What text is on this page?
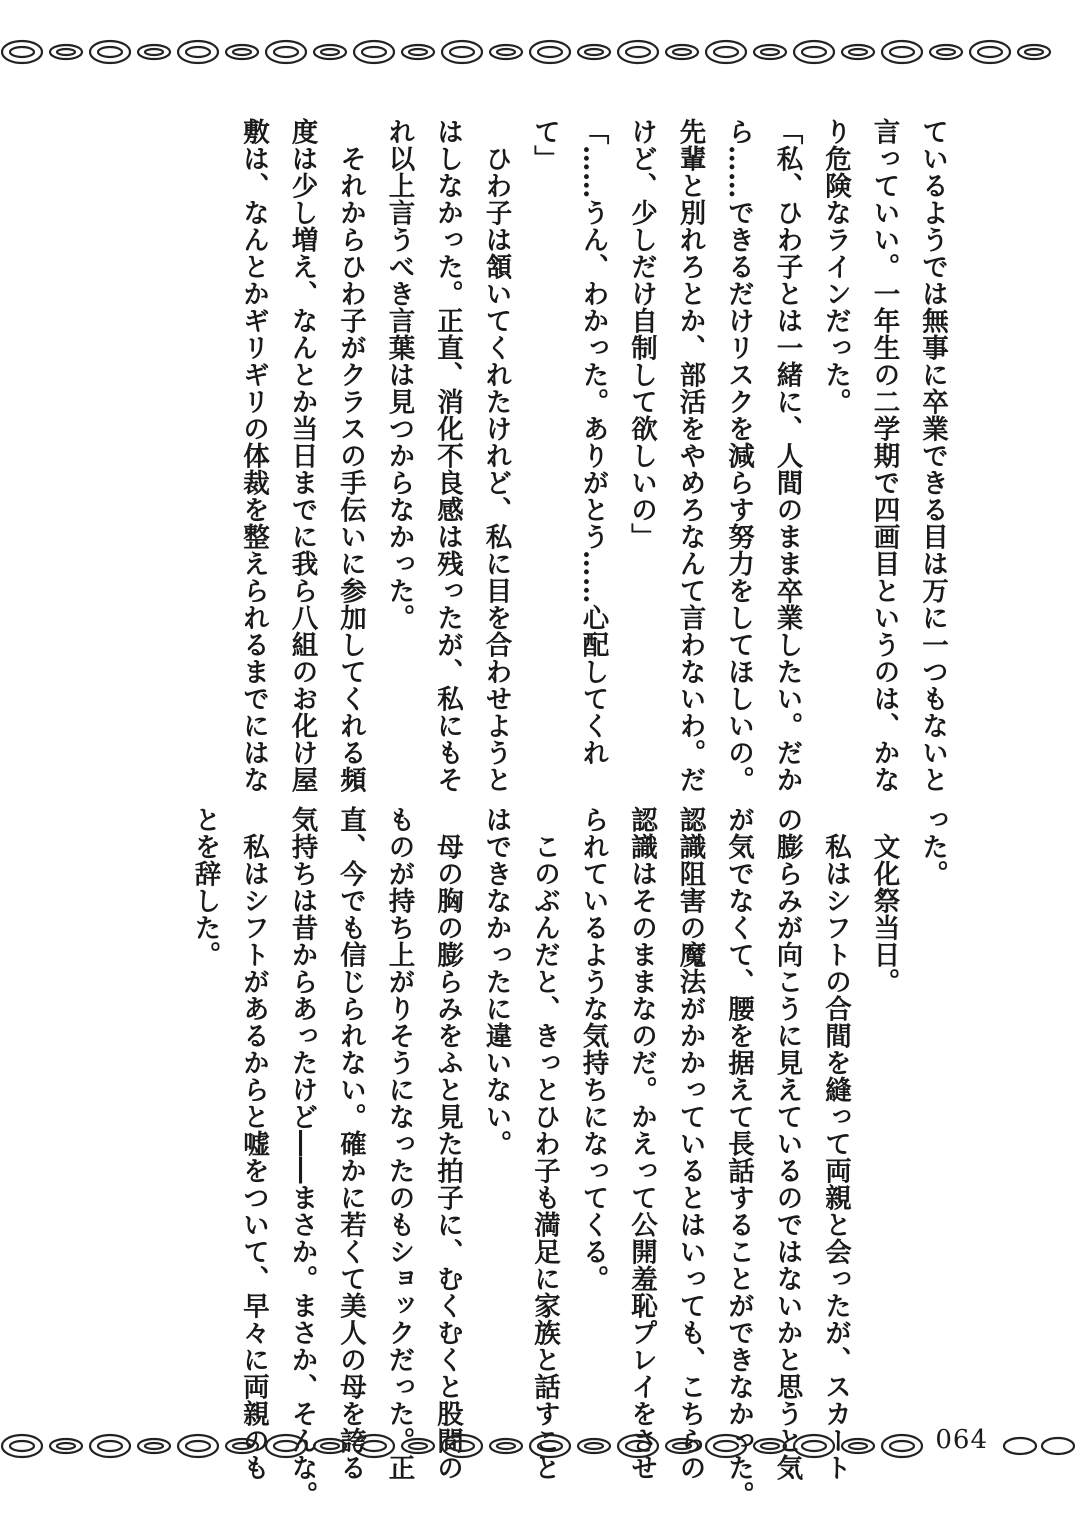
ているようでは無事に卒業できる目は万に一つもないと

言っていい。一年生の二学期で四画目というのは、かな

り危険なラインだった。

「私、ひわ子とは一緒に、人間のまま卒業したい。だか

ら……できるだけリスクを減らす努力をしてほしいの。

先輩と別れろとか、部活をやめろなんて言わないわ。だ

けど、少しだけ自制して欲しいの」

「……うん、わかった。ありがとう……心配してくれ

て」

　ひわ子は頷いてくれたけれど、私に目を合わせようと

はしなかった。正直、消化不良感は残ったが、私にもそ

れ以上言うべき言葉は見つからなかった。

　それからひわ子がクラスの手伝いに参加してくれる頻

度は少し増え、なんとか当日までに我ら八組のお化け屋

敷は、なんとかギリギリの体裁を整えられるまでにはな

った。

　文化祭当日。

　私はシフトの合間を縫って両親と会ったが、スカート

の膨らみが向こうに見えているのではないかと思うと気

が気でなくて、腰を据えて長話することができなかった。

認識阻害の魔法がかかっているとはいっても、こちらの

認識はそのままなのだ。かえって公開羞恥プレイをさせ

られているような気持ちになってくる。

　このぶんだと、きっとひわ子も満足に家族と話すこと

はできなかったに違いない。

　母の胸の膨らみをふと見た拍子に、むくむくと股間の

ものが持ち上がりそうになったのもショックだった。正

直、今でも信じられない。確かに若くて美人の母を誇る

気持ちは昔からあったけど――まさか。まさか、そんな。

　私はシフトがあるからと嘘をついて、早々に両親のも

とを辞した。

064
